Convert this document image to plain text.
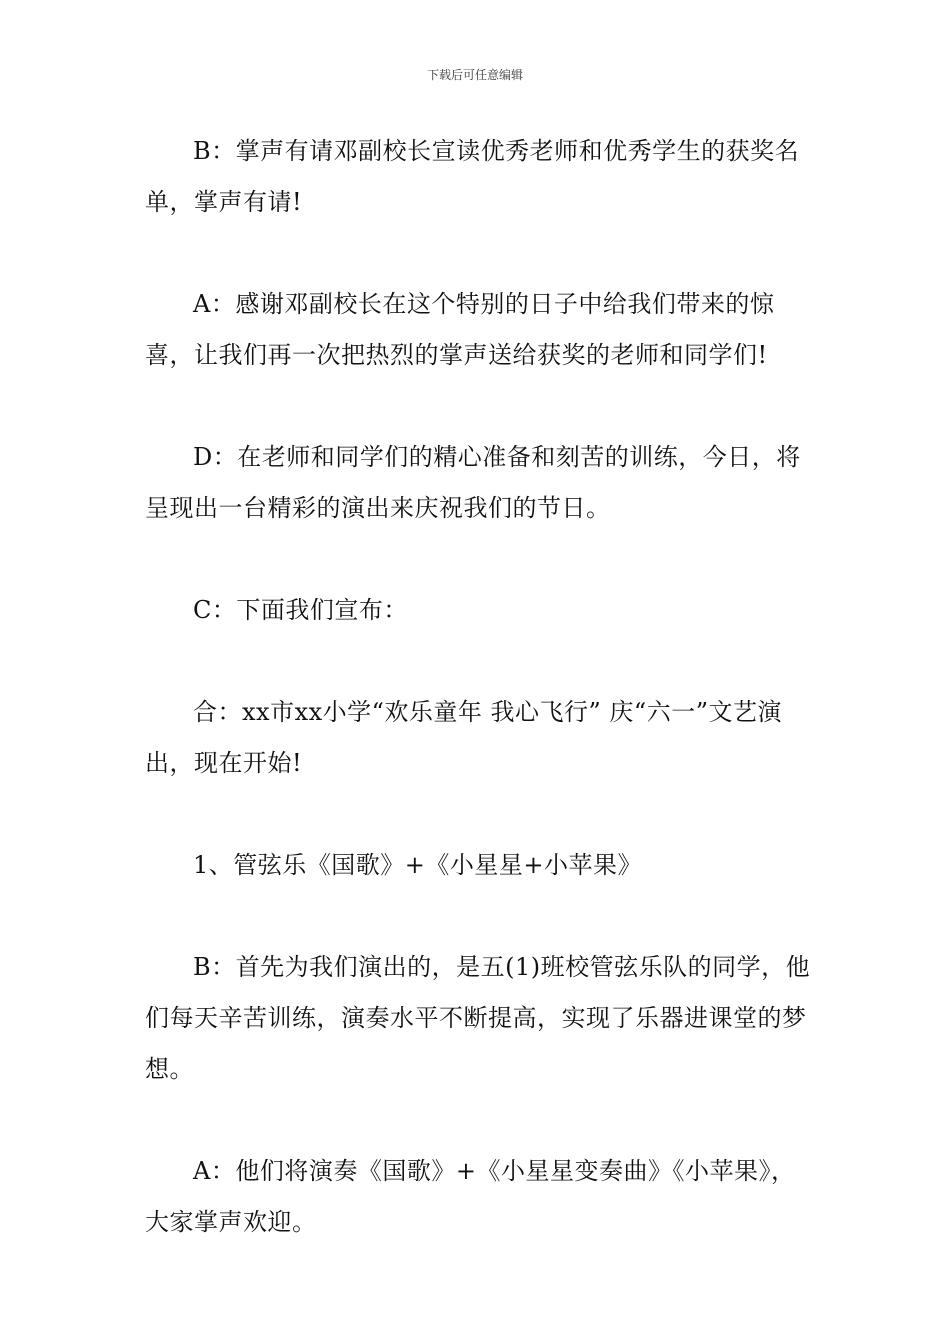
下载后可任意编辑

B：掌声有请邓副校长宣读优秀老师和优秀学生的获奖名单，掌声有请!

A：感谢邓副校长在这个特别的日子中给我们带来的惊喜，让我们再一次把热烈的掌声送给获奖的老师和同学们!

D：在老师和同学们的精心准备和刻苦的训练，今日，将呈现出一台精彩的演出来庆祝我们的节日。

C：下面我们宣布：

合：xx市xx小学“欢乐童年 我心飞行” 庆“六一”文艺演出，现在开始!

1、管弦乐《国歌》+《小星星+小苹果》

B：首先为我们演出的，是五(1)班校管弦乐队的同学，他们每天辛苦训练，演奏水平不断提高，实现了乐器进课堂的梦想。

A：他们将演奏《国歌》+《小星星变奏曲》《小苹果》，大家掌声欢迎。
